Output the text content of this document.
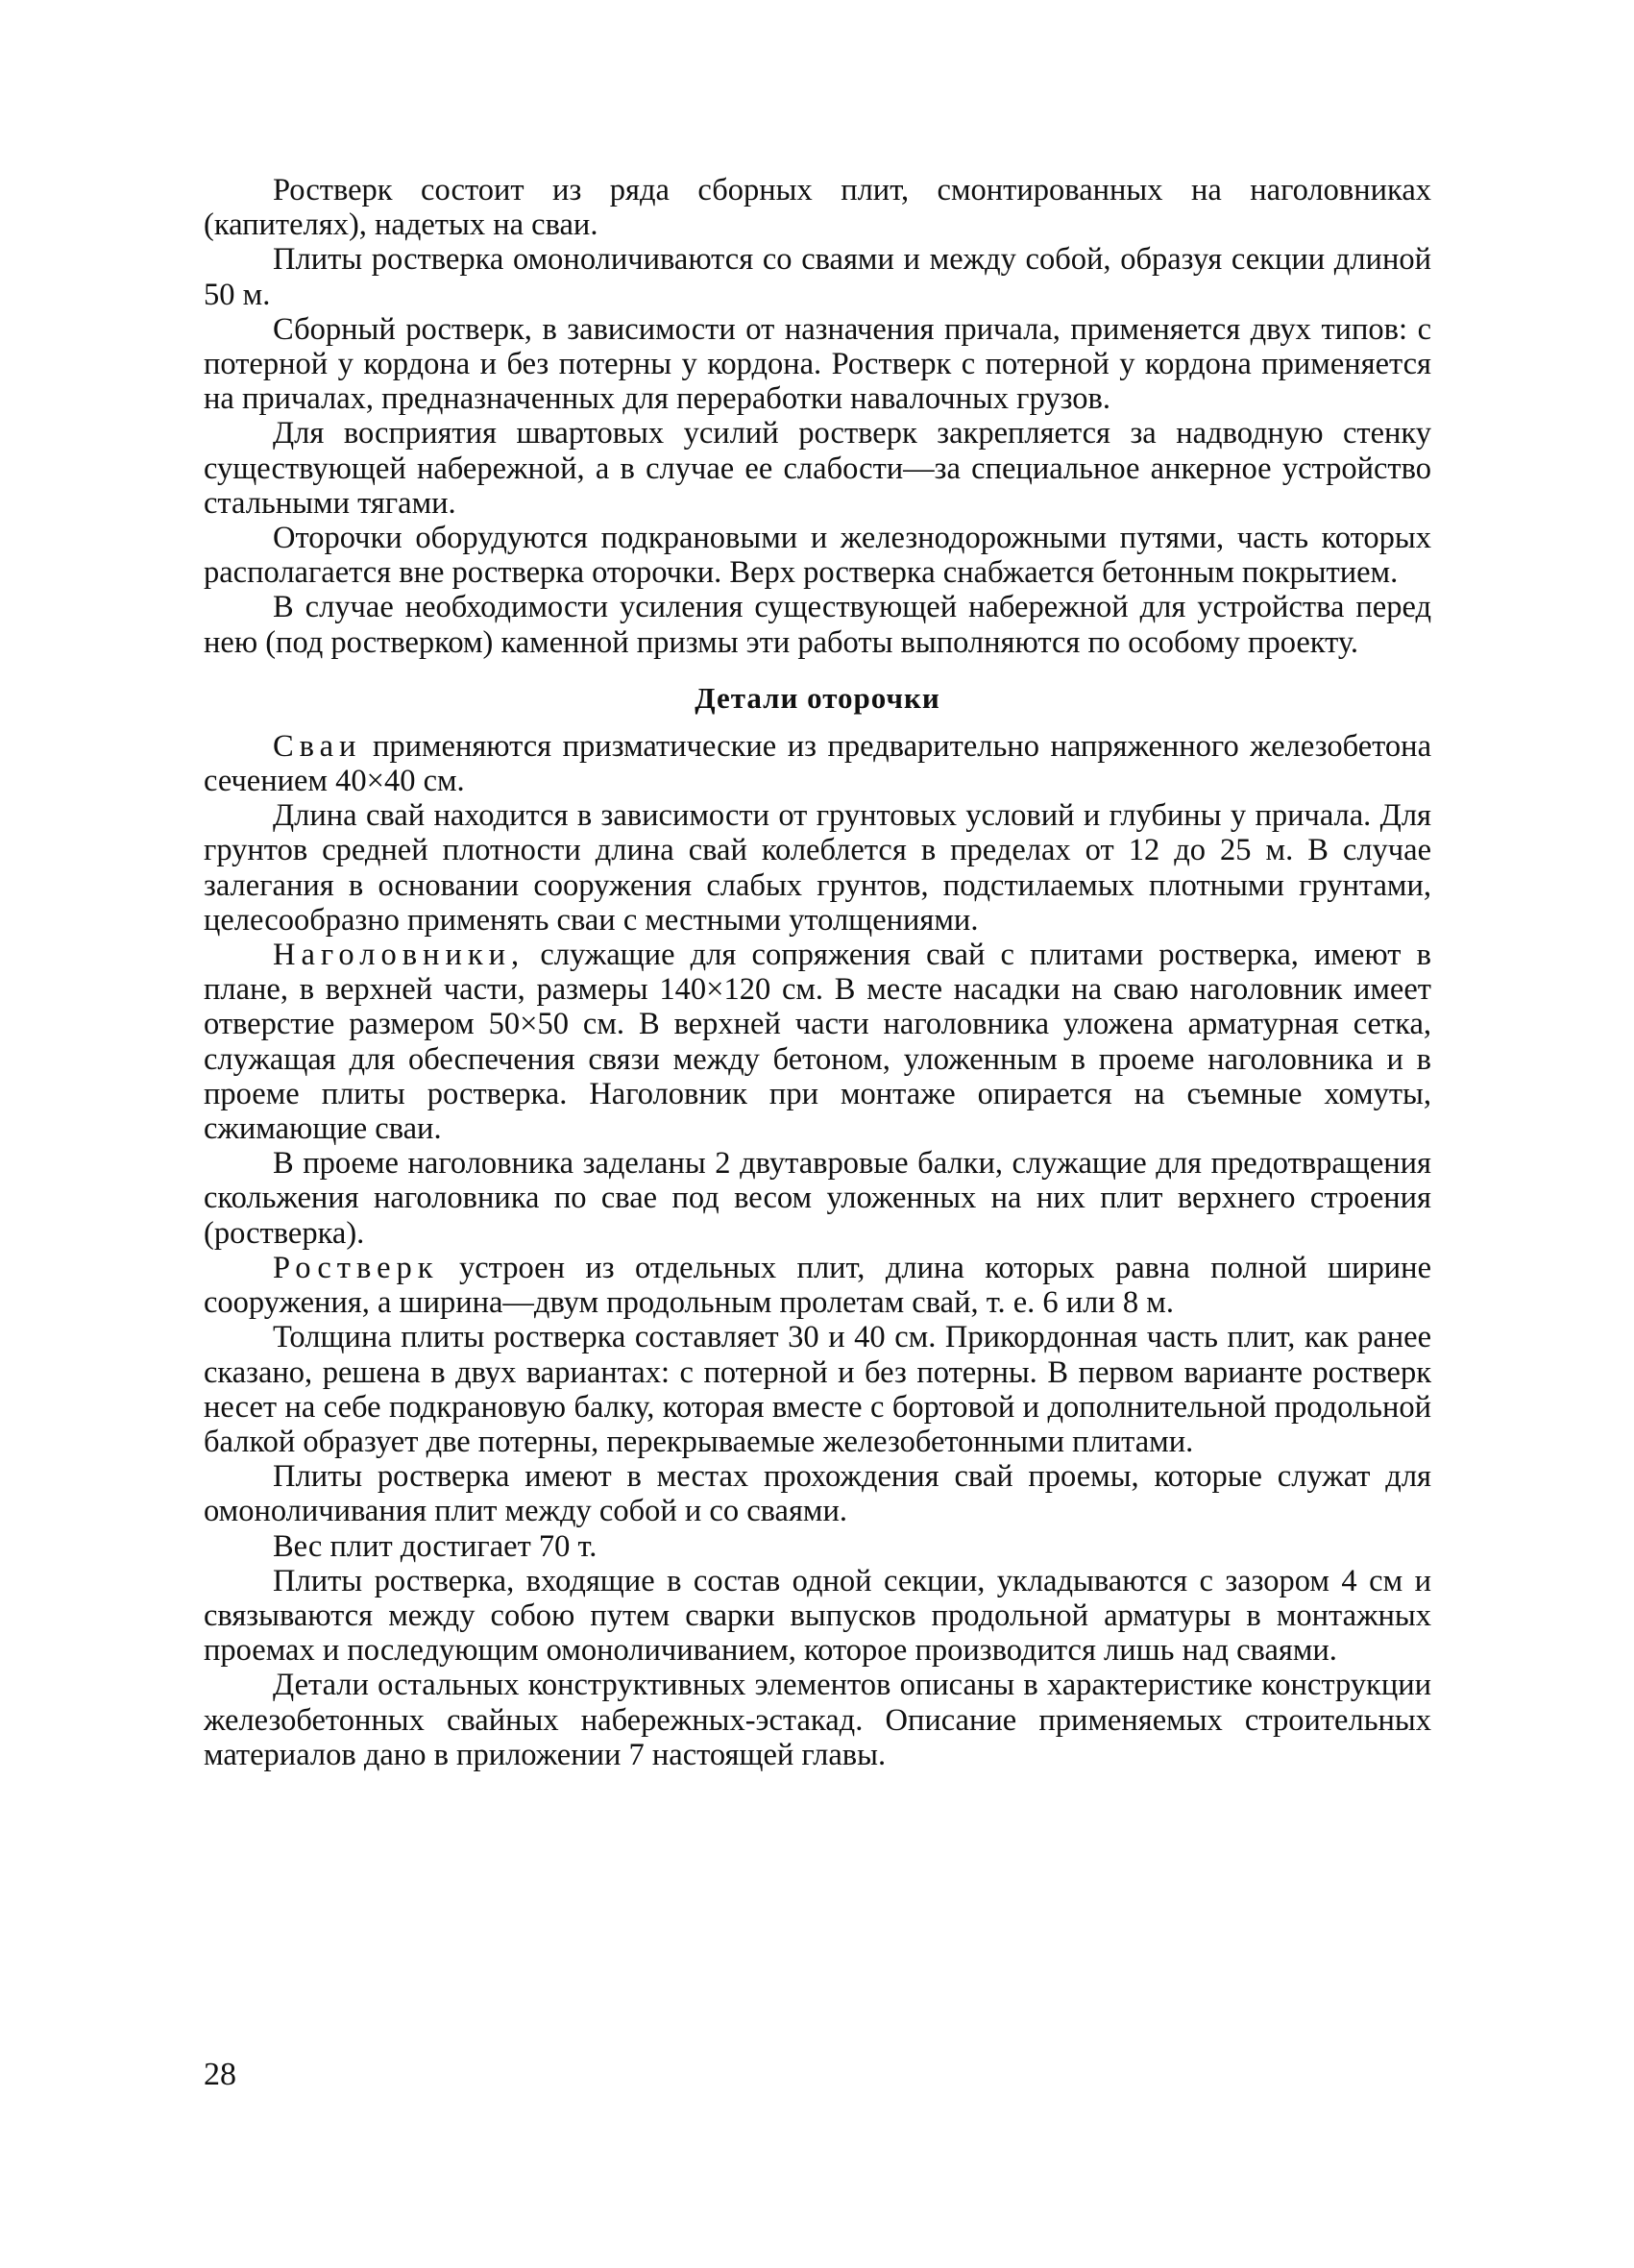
Ростверк состоит из ряда сборных плит, смонтированных на наголовниках (капителях), надетых на сваи.

Плиты ростверка омоноличиваются со сваями и между собой, образуя секции длиной 50 м.

Сборный ростверк, в зависимости от назначения причала, применяется двух типов: с потерной у кордона и без потерны у кордона. Ростверк с потерной у кордона применяется на причалах, предназначенных для переработки навалочных грузов.

Для восприятия швартовых усилий ростверк закрепляется за надводную стенку существующей набережной, а в случае ее слабости—за специальное анкерное устройство стальными тягами.

Оторочки оборудуются подкрановыми и железнодорожными путями, часть которых располагается вне ростверка оторочки. Верх ростверка снабжается бетонным покрытием.

В случае необходимости усиления существующей набережной для устройства перед нею (под ростверком) каменной призмы эти работы выполняются по особому проекту.

Детали оторочки

Сваи применяются призматические из предварительно напряженного железобетона сечением 40×40 см.

Длина свай находится в зависимости от грунтовых условий и глубины у причала. Для грунтов средней плотности длина свай колеблется в пределах от 12 до 25 м. В случае залегания в основании сооружения слабых грунтов, подстилаемых плотными грунтами, целесообразно применять сваи с местными утолщениями.

Наголовники, служащие для сопряжения свай с плитами ростверка, имеют в плане, в верхней части, размеры 140×120 см. В месте насадки на сваю наголовник имеет отверстие размером 50×50 см. В верхней части наголовника уложена арматурная сетка, служащая для обеспечения связи между бетоном, уложенным в проеме наголовника и в проеме плиты ростверка. Наголовник при монтаже опирается на съемные хомуты, сжимающие сваи.

В проеме наголовника заделаны 2 двутавровые балки, служащие для предотвращения скольжения наголовника по свае под весом уложенных на них плит верхнего строения (ростверка).

Ростверк устроен из отдельных плит, длина которых равна полной ширине сооружения, а ширина—двум продольным пролетам свай, т. е. 6 или 8 м.

Толщина плиты ростверка составляет 30 и 40 см. Прикордонная часть плит, как ранее сказано, решена в двух вариантах: с потерной и без потерны. В первом варианте ростверк несет на себе подкрановую балку, которая вместе с бортовой и дополнительной продольной балкой образует две потерны, перекрываемые железобетонными плитами.

Плиты ростверка имеют в местах прохождения свай проемы, которые служат для омоноличивания плит между собой и со сваями.

Вес плит достигает 70 т.

Плиты ростверка, входящие в состав одной секции, укладываются с зазором 4 см и связываются между собою путем сварки выпусков продольной арматуры в монтажных проемах и последующим омоноличиванием, которое производится лишь над сваями.

Детали остальных конструктивных элементов описаны в характеристике конструкции железобетонных свайных набережных-эстакад. Описание применяемых строительных материалов дано в приложении 7 настоящей главы.

28
